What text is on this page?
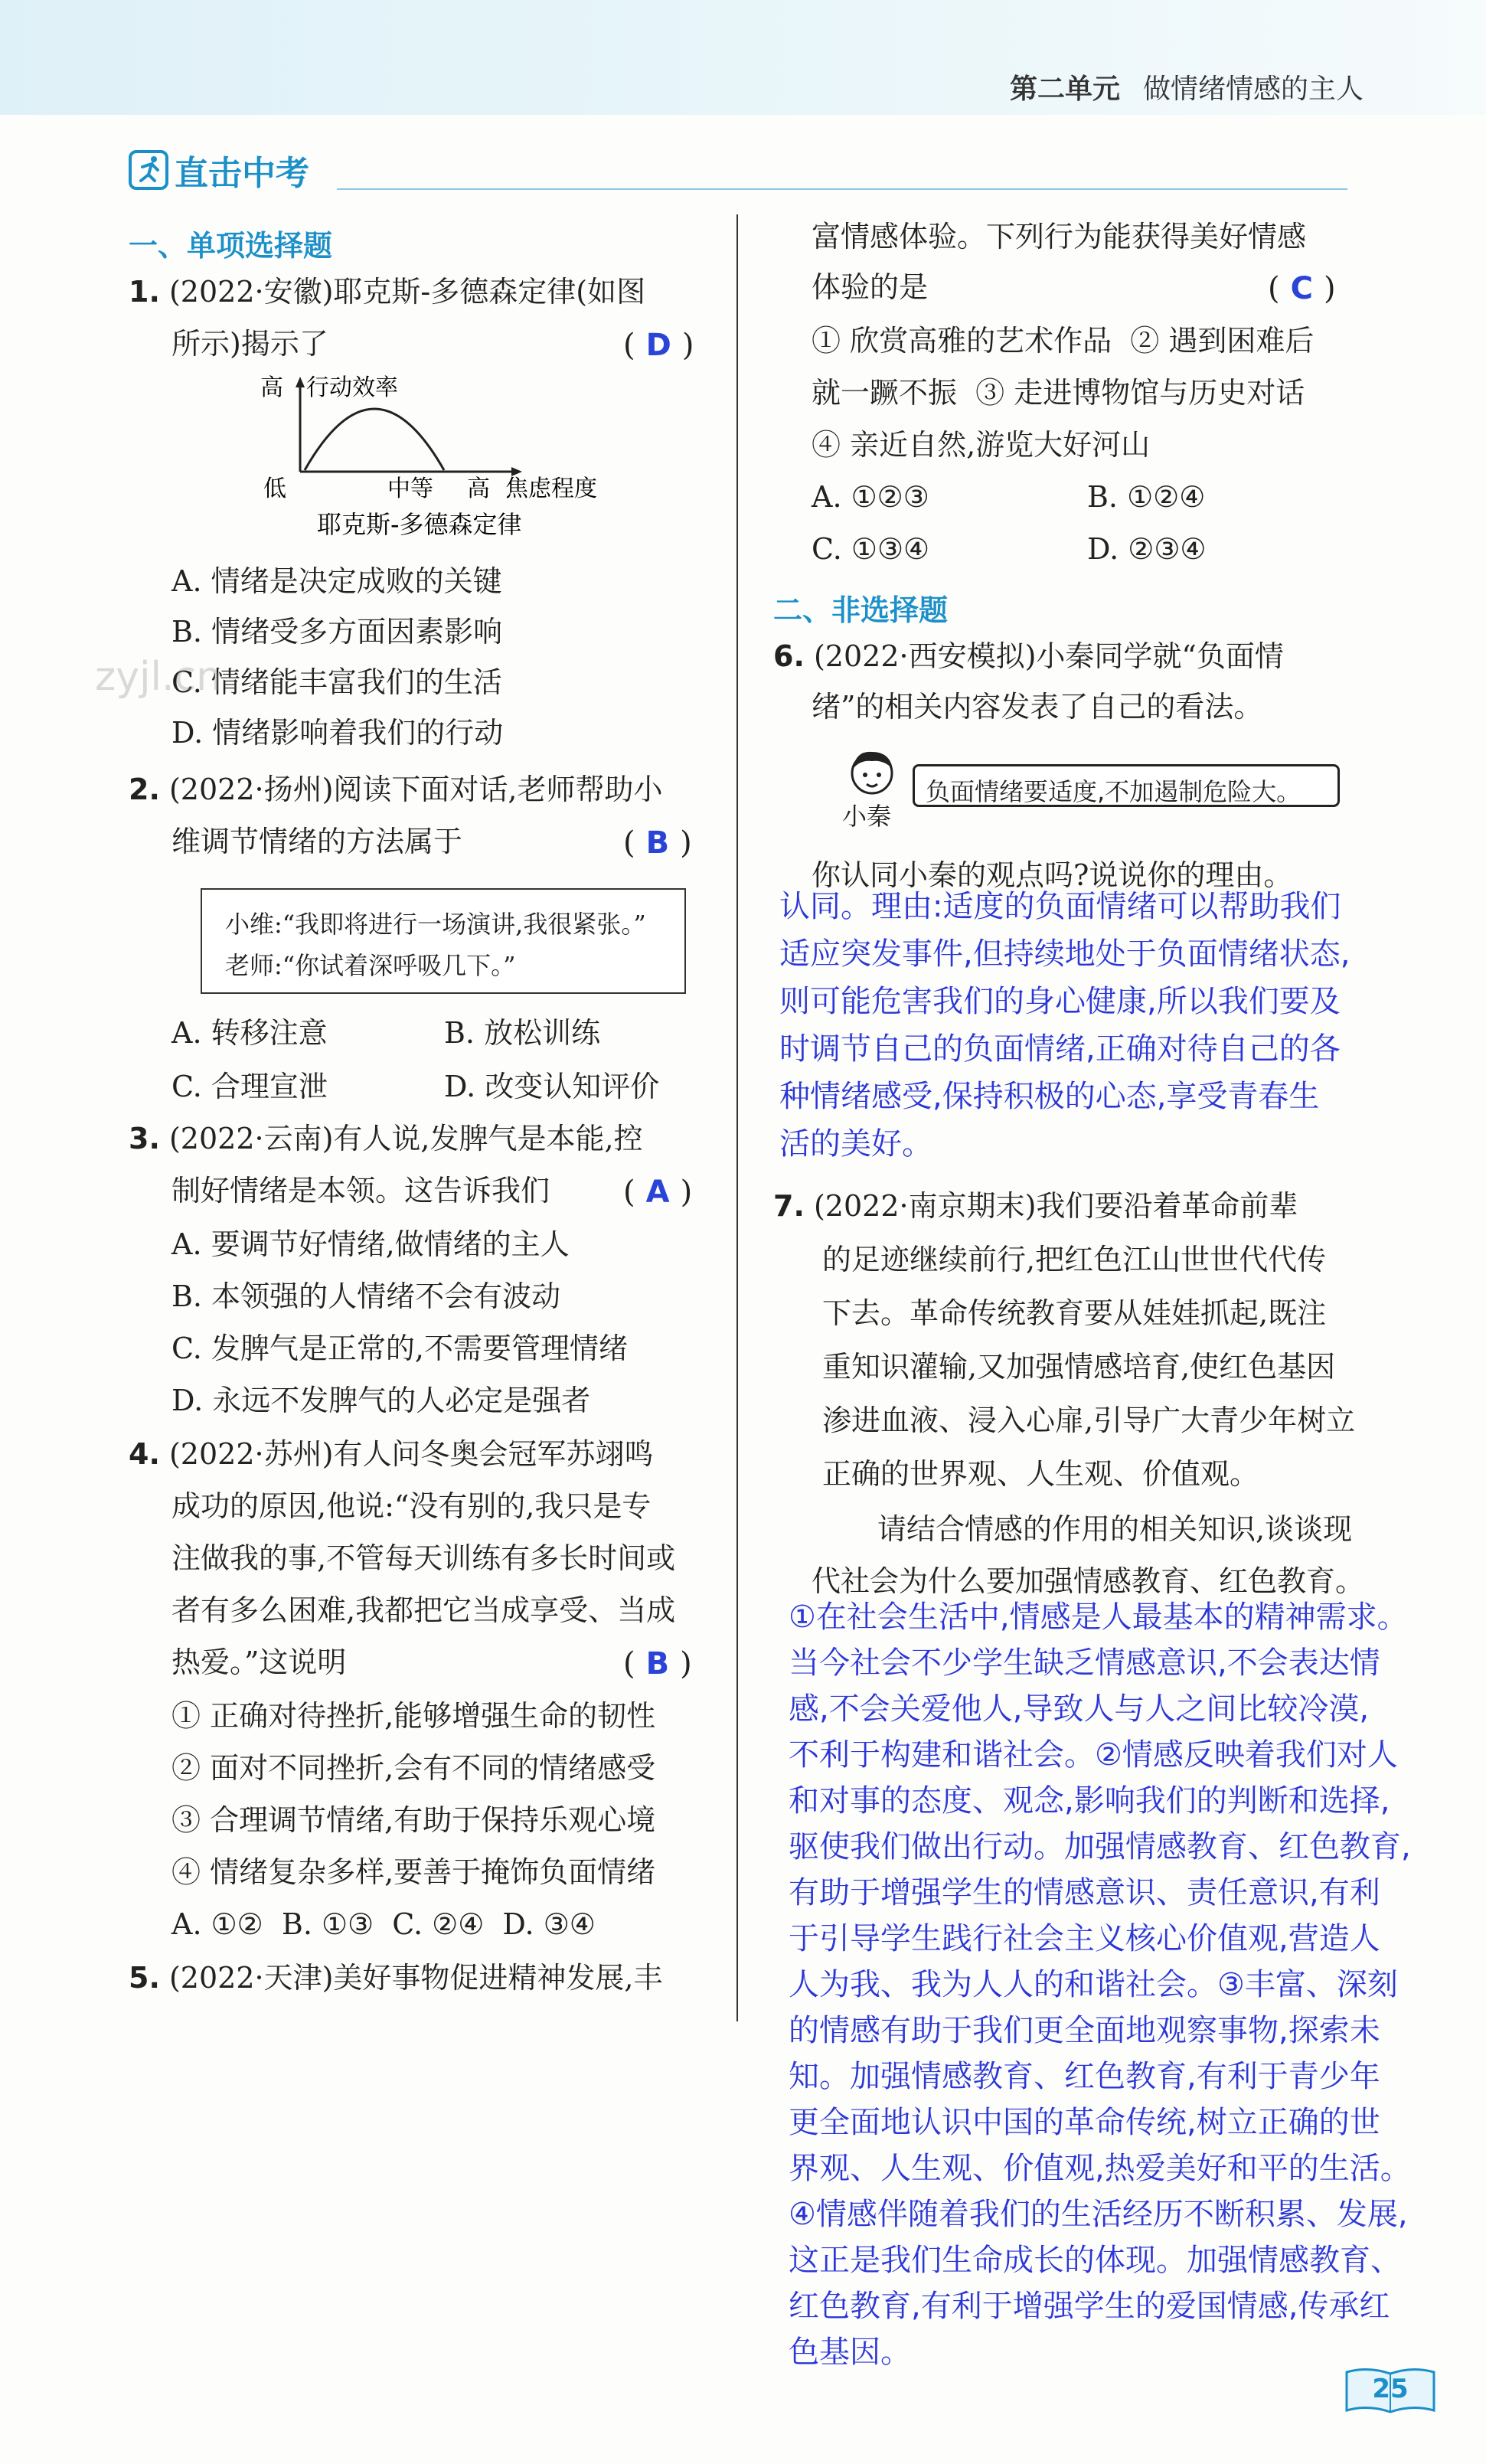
第二单元 做情绪情感的主人
直击中考
一、单项选择题
1. (2022·安徽)耶克斯-多德森定律(如图
所示)揭示了	( D )
高 行动效率
低	中等 高 焦虑程度
耶克斯-多德森定律
A. 情绪是决定成败的关键
B. 情绪受多方面因素影响
C. 情绪能丰富我们的生活
D. 情绪影响着我们的行动
zyjl.cn
2. (2022·扬州)阅读下面对话,老师帮助小
维调节情绪的方法属于	( B )
小维:“我即将进行一场演讲,我很紧张。”
老师:“你试着深呼吸几下。”
A. 转移注意	B. 放松训练
C. 合理宣泄	D. 改变认知评价
3. (2022·云南)有人说,发脾气是本能,控
制好情绪是本领。这告诉我们 ( A )
A. 要调节好情绪,做情绪的主人
B. 本领强的人情绪不会有波动
C. 发脾气是正常的,不需要管理情绪
D. 永远不发脾气的人必定是强者
4. (2022·苏州)有人问冬奥会冠军苏翊鸣
成功的原因,他说:“没有别的,我只是专
注做我的事,不管每天训练有多长时间或
者有多么困难,我都把它当成享受、当成
热爱。”这说明	( B )
① 正确对待挫折,能够增强生命的韧性
② 面对不同挫折,会有不同的情绪感受
③ 合理调节情绪,有助于保持乐观心境
④ 情绪复杂多样,要善于掩饰负面情绪
A. ①②  B. ①③  C. ②④  D. ③④
5. (2022·天津)美好事物促进精神发展,丰
富情感体验。下列行为能获得美好情感
体验的是	( C )
① 欣赏高雅的艺术作品  ② 遇到困难后
就一蹶不振  ③ 走进博物馆与历史对话
④ 亲近自然,游览大好河山
A. ①②③	B. ①②④
C. ①③④	D. ②③④
二、非选择题
6. (2022·西安模拟)小秦同学就“负面情
绪”的相关内容发表了自己的看法。
小秦
负面情绪要适度,不加遏制危险大。
你认同小秦的观点吗?说说你的理由。
认同。理由:适度的负面情绪可以帮助我们
适应突发事件,但持续地处于负面情绪状态,
则可能危害我们的身心健康,所以我们要及
时调节自己的负面情绪,正确对待自己的各
种情绪感受,保持积极的心态,享受青春生
活的美好。
7. (2022·南京期末)我们要沿着革命前辈
的足迹继续前行,把红色江山世世代代传
下去。革命传统教育要从娃娃抓起,既注
重知识灌输,又加强情感培育,使红色基因
渗进血液、浸入心扉,引导广大青少年树立
正确的世界观、人生观、价值观。
请结合情感的作用的相关知识,谈谈现
代社会为什么要加强情感教育、红色教育。
①在社会生活中,情感是人最基本的精神需求。
当今社会不少学生缺乏情感意识,不会表达情
感,不会关爱他人,导致人与人之间比较冷漠,
不利于构建和谐社会。②情感反映着我们对人
和对事的态度、观念,影响我们的判断和选择,
驱使我们做出行动。加强情感教育、红色教育,
有助于增强学生的情感意识、责任意识,有利
于引导学生践行社会主义核心价值观,营造人
人为我、我为人人的和谐社会。③丰富、深刻
的情感有助于我们更全面地观察事物,探索未
知。加强情感教育、红色教育,有利于青少年
更全面地认识中国的革命传统,树立正确的世
界观、人生观、价值观,热爱美好和平的生活。
④情感伴随着我们的生活经历不断积累、发展,
这正是我们生命成长的体现。加强情感教育、
红色教育,有利于增强学生的爱国情感,传承红
色基因。
25
